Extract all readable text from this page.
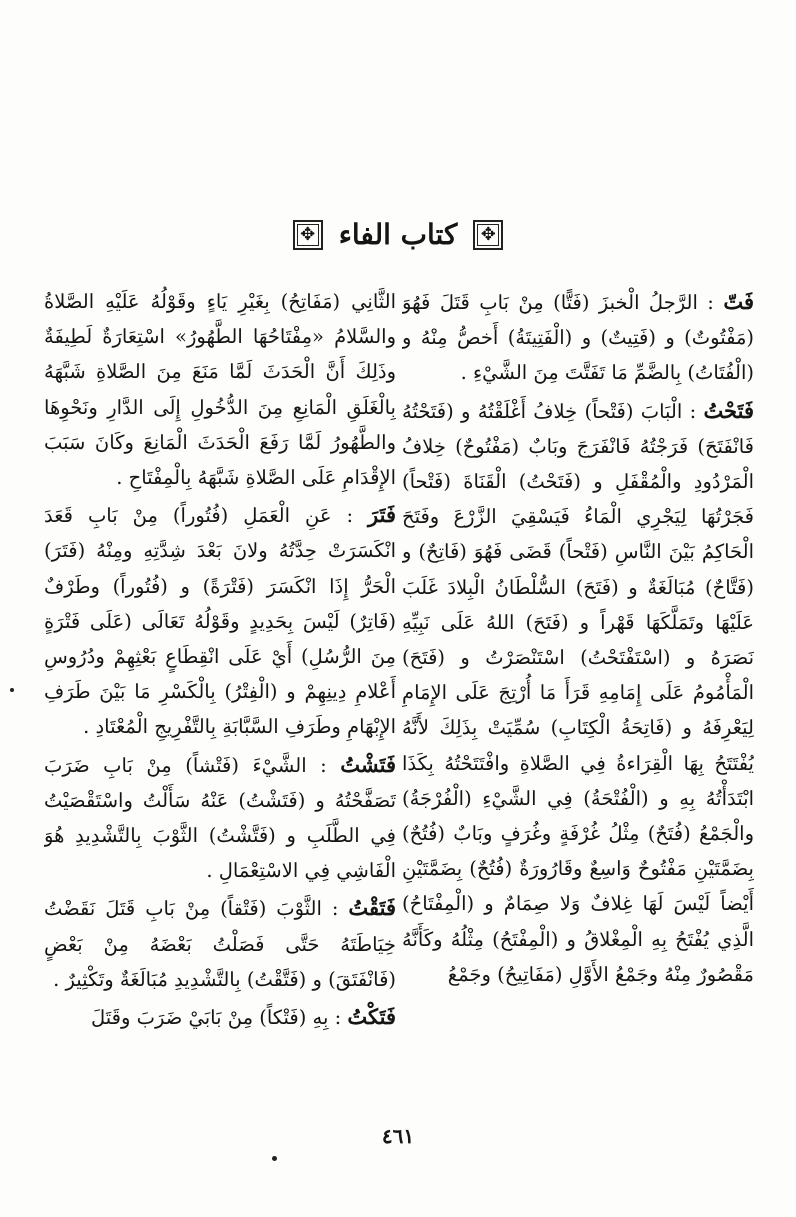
✥
كتاب الفاء
✥

فَتّ : الرَّجلُ الْخبزَ (فَتًّا) مِنْ بَابِ قَتَلَ فَهُوَ (مَفْتُوتٌ) و (فَتِيتٌ) و (الْفَتِيتَةُ) أَخصُّ مِنْهُ و (الْفُتَاتُ) بِالضَّمِّ مَا تَفَتَّتَ مِنَ الشَّيْءِ .

فَتَحْتُ : الْبَابَ (فَتْحاً) خِلافُ أَغْلَقْتُهُ و (فَتَحْتُهُ فَانْفَتَحَ) فَرَجْتُهُ فَانْفَرَجَ وبَابٌ (مَفْتُوحٌ) خِلافُ الْمَرْدُودِ والْمُقْفَلِ و (فَتَحْتُ) الْقَنَاةَ (فَتْحاً) فَجَرْتُهَا لِيَجْرِي الْمَاءُ فَيَسْقِيَ الزَّرْعَ وفَتَحَ الْحَاكِمُ بَيْنَ النَّاسِ (فَتْحاً) قَضَى فَهُوَ (فَاتِحٌ) و (فَتَّاحٌ) مُبَالَغَةٌ و (فَتَحَ) السُّلْطَانُ الْبِلادَ غَلَبَ عَلَيْهَا وتَمَلَّكَهَا قَهْراً و (فَتَحَ) اللهُ عَلَى نَبِيِّهِ نَصَرَهُ و (اسْتَفْتَحْتُ) اسْتَنْصَرْتُ و (فَتَحَ) الْمَأْمُومُ عَلَى إِمَامِهِ قَرَأَ مَا أُرْتِجَ عَلَى الإِمَامِ لِيَعْرِفَهُ و (فَاتِحَةُ الْكِتَابِ) سُمِّيَتْ بِذَلِكَ لأَنَّهُ يُفْتَتَحُ بِهَا الْقِرَاءةُ فِي الصَّلاةِ وافْتَتَحْتُهُ بِكَذَا ابْتَدَأْتُهُ بِهِ و (الْفُتْحَةُ) فِي الشَّيْءِ (الْفُرْجَةُ) والْجَمْعُ (فُتَحٌ) مِثْلُ غُرْفَةٍ وغُرَفٍ وبَابٌ (فُتُحٌ) بِضَمَّتَيْنِ مَفْتُوحٌ وَاسِعٌ وقَارُورَةٌ (فُتُحٌ) بِضَمَّتَيْنِ أَيْضاً لَيْسَ لَهَا غِلافٌ وَلا صِمَامٌ و (الْمِفْتَاحُ) الَّذِي يُفْتَحُ بِهِ الْمِغْلاقُ و (الْمِفْتَحُ) مِثْلُهُ وكَأَنَّهُ مَقْصُورٌ مِنْهُ وجَمْعُ الأَوَّلِ (مَفَاتِيحُ) وجَمْعُ

الثَّانِي (مَفَاتِحُ) بِغَيْرِ يَاءٍ وقَوْلُهُ عَلَيْهِ الصَّلاةُ والسَّلامُ «مِفْتَاحُهَا الطَّهُورُ» اسْتِعَارَةٌ لَطِيفَةٌ وذَلِكَ أَنَّ الْحَدَثَ لَمَّا مَنَعَ مِنَ الصَّلاةِ شَبَّهَهُ بِالْغَلَقِ الْمَانِعِ مِنَ الدُّخُولِ إِلَى الدَّارِ ونَحْوِهَا والطَّهُورُ لَمَّا رَفَعَ الْحَدَثَ الْمَانِعَ وكَانَ سَبَبَ الإِقْدَامِ عَلَى الصَّلاةِ شَبَّهَهُ بِالْمِفْتَاحِ .

فَتَرَ : عَنِ الْعَمَلِ (فُتُوراً) مِنْ بَابِ قَعَدَ انْكَسَرَتْ حِدَّتُهُ ولانَ بَعْدَ شِدَّتِهِ ومِنْهُ (فَتَرَ) الْحَرُّ إِذَا انْكَسَرَ (فَتْرَةً) و (فُتُوراً) وطَرْفٌ (فَاتِرٌ) لَيْسَ بِحَدِيدٍ وقَوْلُهُ تَعَالَى (عَلَى فَتْرَةٍ مِنَ الرُّسُلِ) أَيْ عَلَى انْقِطَاعٍ بَعْثِهِمْ ودُرُوسِ أَعْلامِ دِينِهِمْ و (الْفِتْرُ) بِالْكَسْرِ مَا بَيْنَ طَرَفِ الإِبْهَامِ وطَرَفِ السَّبَّابَةِ بِالتَّفْرِيجِ الْمُعْتَادِ .

فَتَشْتُ : الشَّيْءَ (فَتْشاً) مِنْ بَابِ ضَرَبَ تَصَفَّحْتُهُ و (فَتَشْتُ) عَنْهُ سَأَلْتُ واسْتَقْصَيْتُ فِي الطَّلَبِ و (فَتَّشْتُ) الثَّوْبَ بِالتَّشْدِيدِ هُوَ الْفَاشِي فِي الاسْتِعْمَالِ .

فَتَقْتُ : الثَّوْبَ (فَتْقاً) مِنْ بَابِ قَتَلَ نَقَضْتُ خِيَاطَتَهُ حَتَّى فَصَلْتُ بَعْضَهُ مِنْ بَعْضٍ (فَانْفَتَقَ) و (فَتَّقْتُ) بِالتَّشْدِيدِ مُبَالَغَةٌ وتَكْثِيرٌ .

فَتَكْتُ : بِهِ (فَتْكاً) مِنْ بَابَيْ ضَرَبَ وقَتَلَ

٤٦١
